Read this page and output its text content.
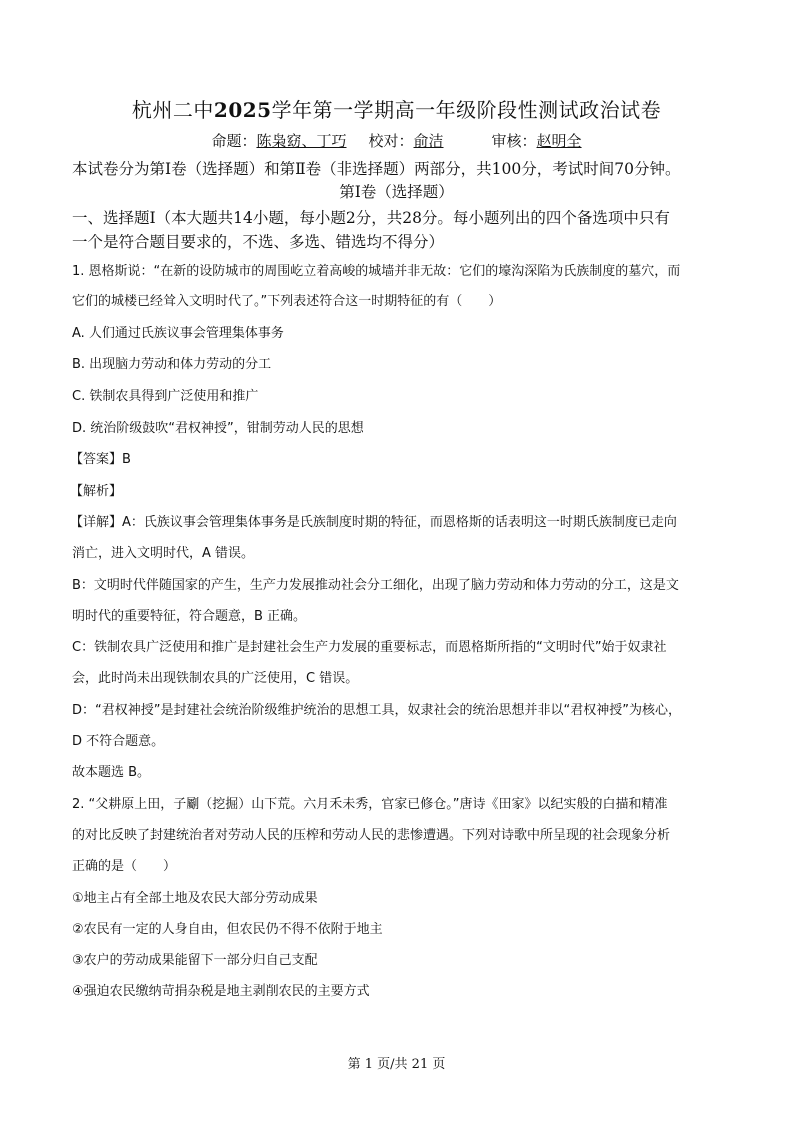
杭州二中2025学年第一学期高一年级阶段性测试政治试卷
命题：陈枭窈、丁巧 校对：俞洁	审核：赵明全
本试卷分为第Ⅰ卷（选择题）和第Ⅱ卷（非选择题）两部分，共100分，考试时间70分钟。
第Ⅰ卷（选择题）
一、选择题Ⅰ（本大题共14小题，每小题2分，共28分。每小题列出的四个备选项中只有
一个是符合题目要求的，不选、多选、错选均不得分）
1. 恩格斯说：“在新的设防城市的周围屹立着高峻的城墙并非无故：它们的壕沟深陷为氏族制度的墓穴，而
它们的城楼已经耸入文明时代了。”下列表述符合这一时期特征的有（　　）
A. 人们通过氏族议事会管理集体事务
B. 出现脑力劳动和体力劳动的分工
C. 铁制农具得到广泛使用和推广
D. 统治阶级鼓吹“君权神授”，钳制劳动人民的思想
【答案】B
【解析】
【详解】A：氏族议事会管理集体事务是氏族制度时期的特征，而恩格斯的话表明这一时期氏族制度已走向
消亡，进入文明时代，A 错误。
B：文明时代伴随国家的产生，生产力发展推动社会分工细化，出现了脑力劳动和体力劳动的分工，这是文
明时代的重要特征，符合题意，B 正确。
C：铁制农具广泛使用和推广是封建社会生产力发展的重要标志，而恩格斯所指的“文明时代”始于奴隶社
会，此时尚未出现铁制农具的广泛使用，C 错误。
D：“君权神授”是封建社会统治阶级维护统治的思想工具，奴隶社会的统治思想并非以“君权神授”为核心，
D 不符合题意。
故本题选 B。
2. “父耕原上田，子劚（挖掘）山下荒。六月禾未秀，官家已修仓。”唐诗《田家》以纪实般的白描和精准
的对比反映了封建统治者对劳动人民的压榨和劳动人民的悲惨遭遇。下列对诗歌中所呈现的社会现象分析
正确的是（　　）
①地主占有全部土地及农民大部分劳动成果
②农民有一定的人身自由，但农民仍不得不依附于地主
③农户的劳动成果能留下一部分归自己支配
④强迫农民缴纳苛捐杂税是地主剥削农民的主要方式
第 1 页/共 21 页
